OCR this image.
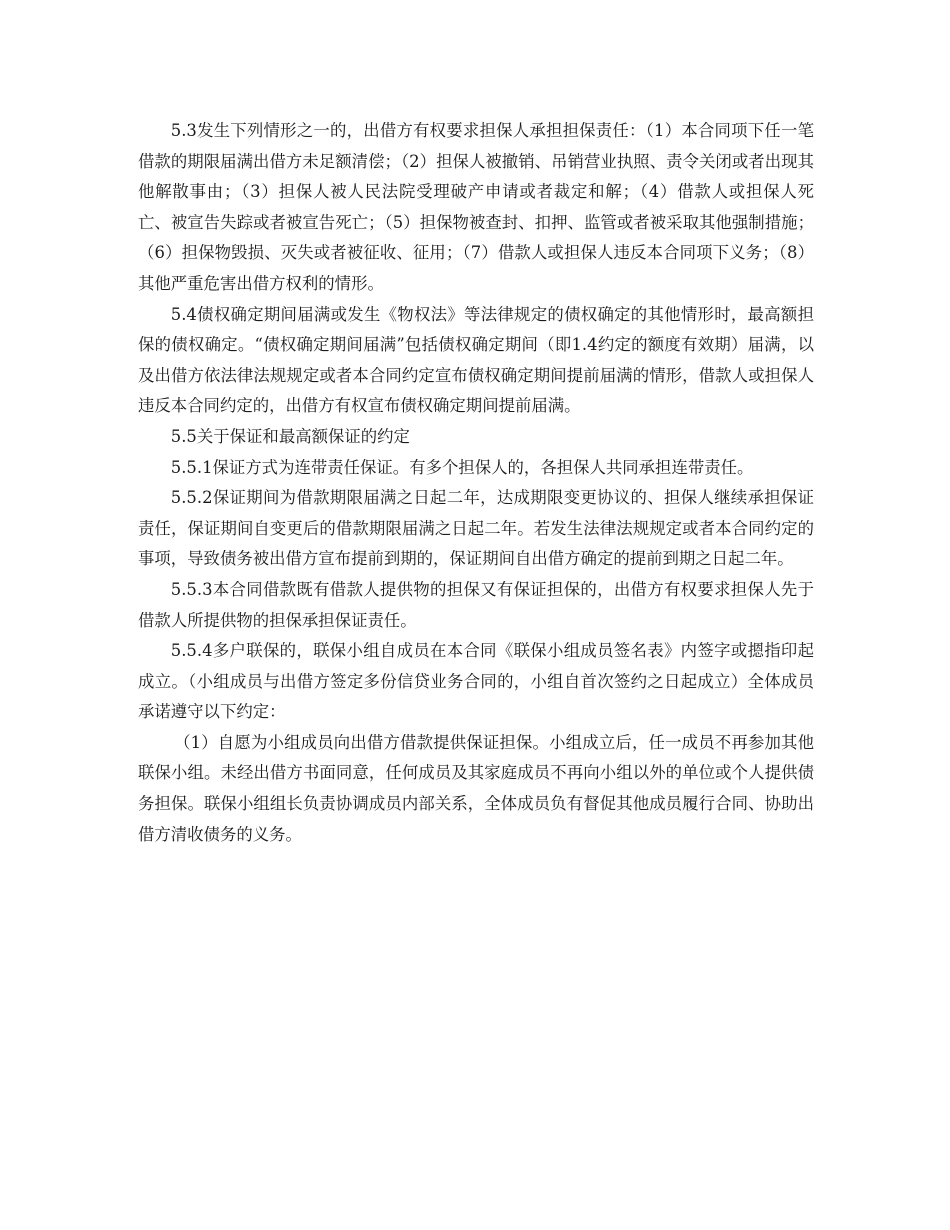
5.3发生下列情形之一的，出借方有权要求担保人承担担保责任：（1）本合同项下任一笔借款的期限届满出借方未足额清偿；（2）担保人被撤销、吊销营业执照、责令关闭或者出现其他解散事由；（3）担保人被人民法院受理破产申请或者裁定和解；（4）借款人或担保人死亡、被宣告失踪或者被宣告死亡；（5）担保物被查封、扣押、监管或者被采取其他强制措施；（6）担保物毁损、灭失或者被征收、征用；（7）借款人或担保人违反本合同项下义务；（8）其他严重危害出借方权利的情形。

5.4债权确定期间届满或发生《物权法》等法律规定的债权确定的其他情形时，最高额担保的债权确定。“债权确定期间届满”包括债权确定期间（即1.4约定的额度有效期）届满，以及出借方依法律法规规定或者本合同约定宣布债权确定期间提前届满的情形，借款人或担保人违反本合同约定的，出借方有权宣布债权确定期间提前届满。

5.5关于保证和最高额保证的约定

5.5.1保证方式为连带责任保证。有多个担保人的，各担保人共同承担连带责任。

5.5.2保证期间为借款期限届满之日起二年，达成期限变更协议的、担保人继续承担保证责任，保证期间自变更后的借款期限届满之日起二年。若发生法律法规规定或者本合同约定的事项，导致债务被出借方宣布提前到期的，保证期间自出借方确定的提前到期之日起二年。

5.5.3本合同借款既有借款人提供物的担保又有保证担保的，出借方有权要求担保人先于借款人所提供物的担保承担保证责任。

5.5.4多户联保的，联保小组自成员在本合同《联保小组成员签名表》内签字或摁指印起成立。（小组成员与出借方签定多份信贷业务合同的，小组自首次签约之日起成立）全体成员承诺遵守以下约定：

（1）自愿为小组成员向出借方借款提供保证担保。小组成立后，任一成员不再参加其他联保小组。未经出借方书面同意，任何成员及其家庭成员不再向小组以外的单位或个人提供债务担保。联保小组组长负责协调成员内部关系，全体成员负有督促其他成员履行合同、协助出借方清收债务的义务。
